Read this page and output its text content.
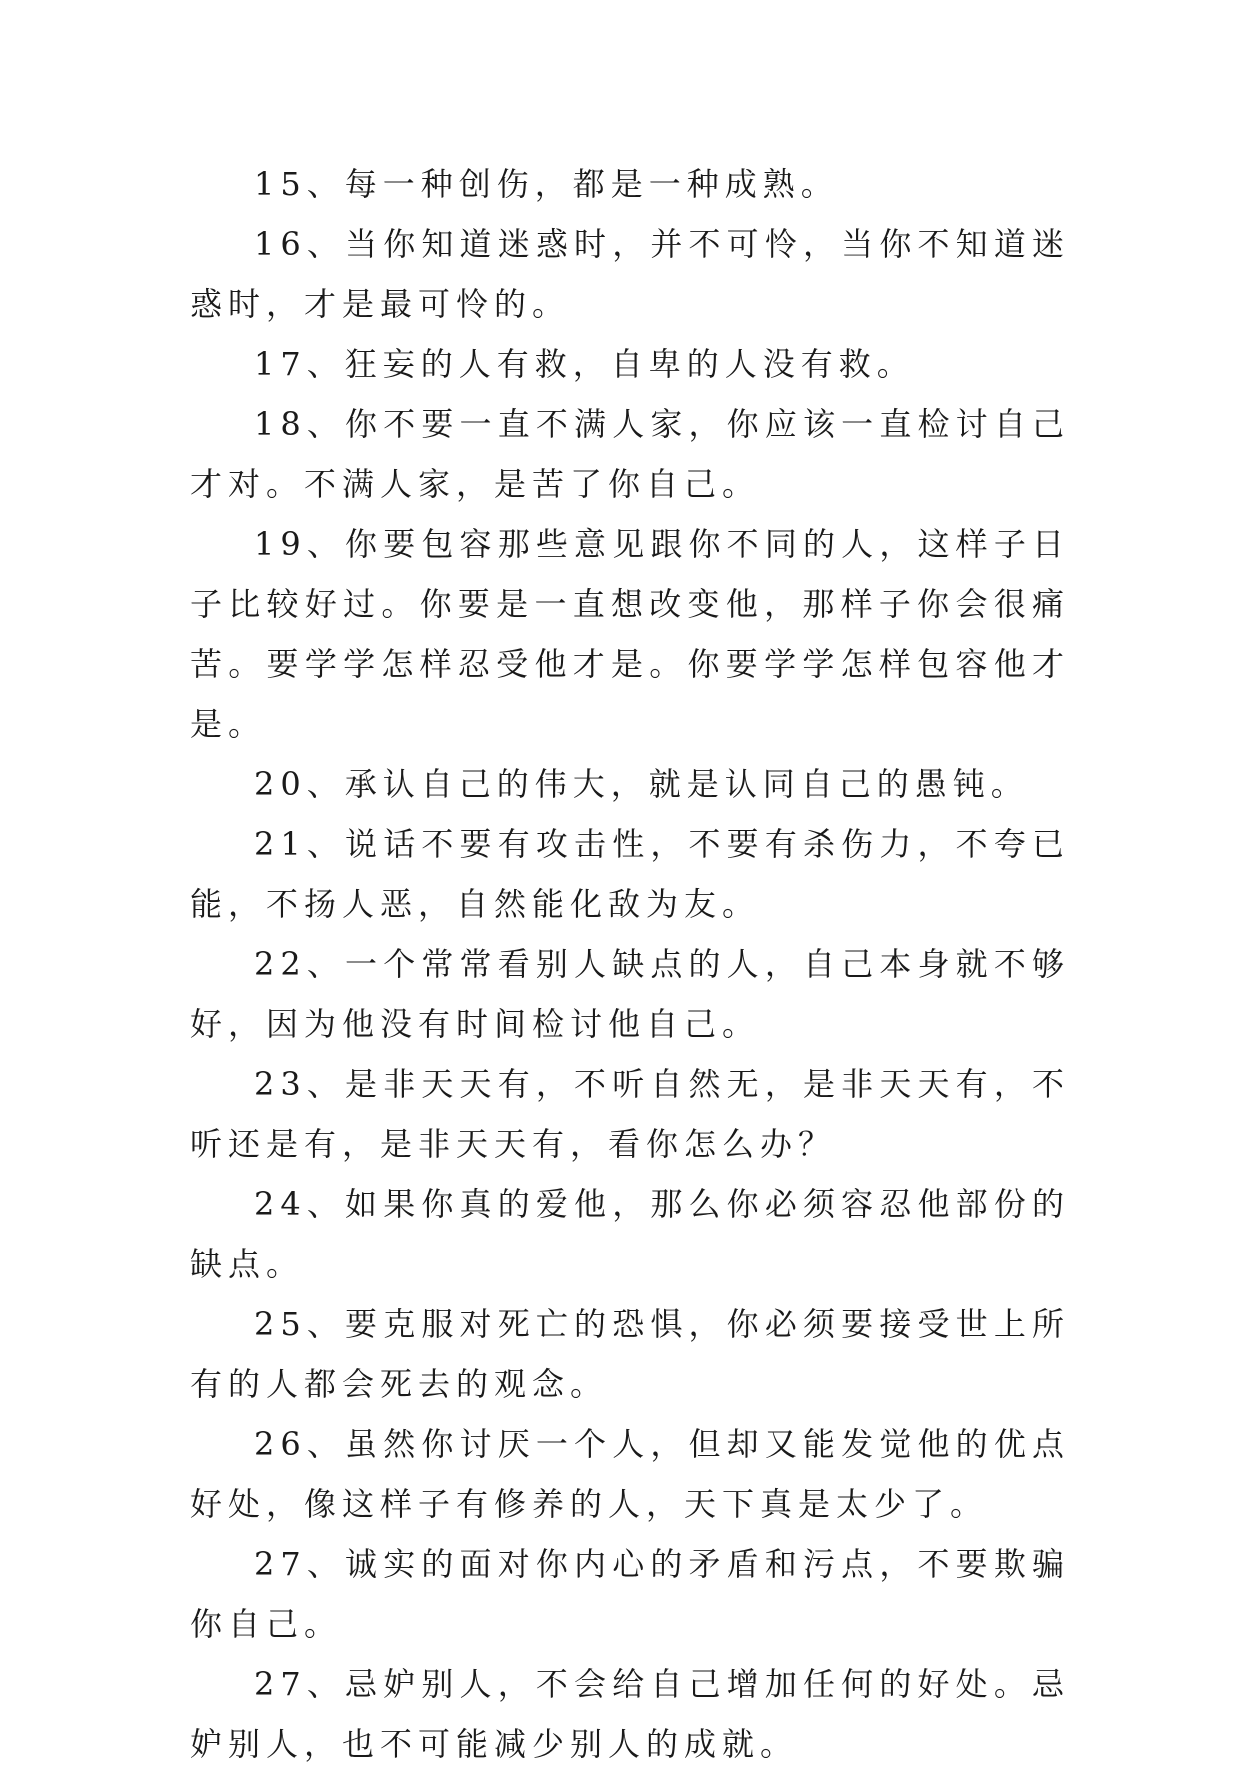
15、每一种创伤，都是一种成熟。

16、当你知道迷惑时，并不可怜，当你不知道迷惑时，才是最可怜的。

17、狂妄的人有救，自卑的人没有救。

18、你不要一直不满人家，你应该一直检讨自己才对。不满人家，是苦了你自己。

19、你要包容那些意见跟你不同的人，这样子日子比较好过。你要是一直想改变他，那样子你会很痛苦。要学学怎样忍受他才是。你要学学怎样包容他才是。

20、承认自己的伟大，就是认同自己的愚钝。

21、说话不要有攻击性，不要有杀伤力，不夸已能，不扬人恶，自然能化敌为友。

22、一个常常看别人缺点的人，自己本身就不够好，因为他没有时间检讨他自己。

23、是非天天有，不听自然无，是非天天有，不听还是有，是非天天有，看你怎么办？

24、如果你真的爱他，那么你必须容忍他部份的缺点。

25、要克服对死亡的恐惧，你必须要接受世上所有的人都会死去的观念。

26、虽然你讨厌一个人，但却又能发觉他的优点好处，像这样子有修养的人，天下真是太少了。

27、诚实的面对你内心的矛盾和污点，不要欺骗你自己。

27、忌妒别人，不会给自己增加任何的好处。忌妒别人，也不可能减少别人的成就。
